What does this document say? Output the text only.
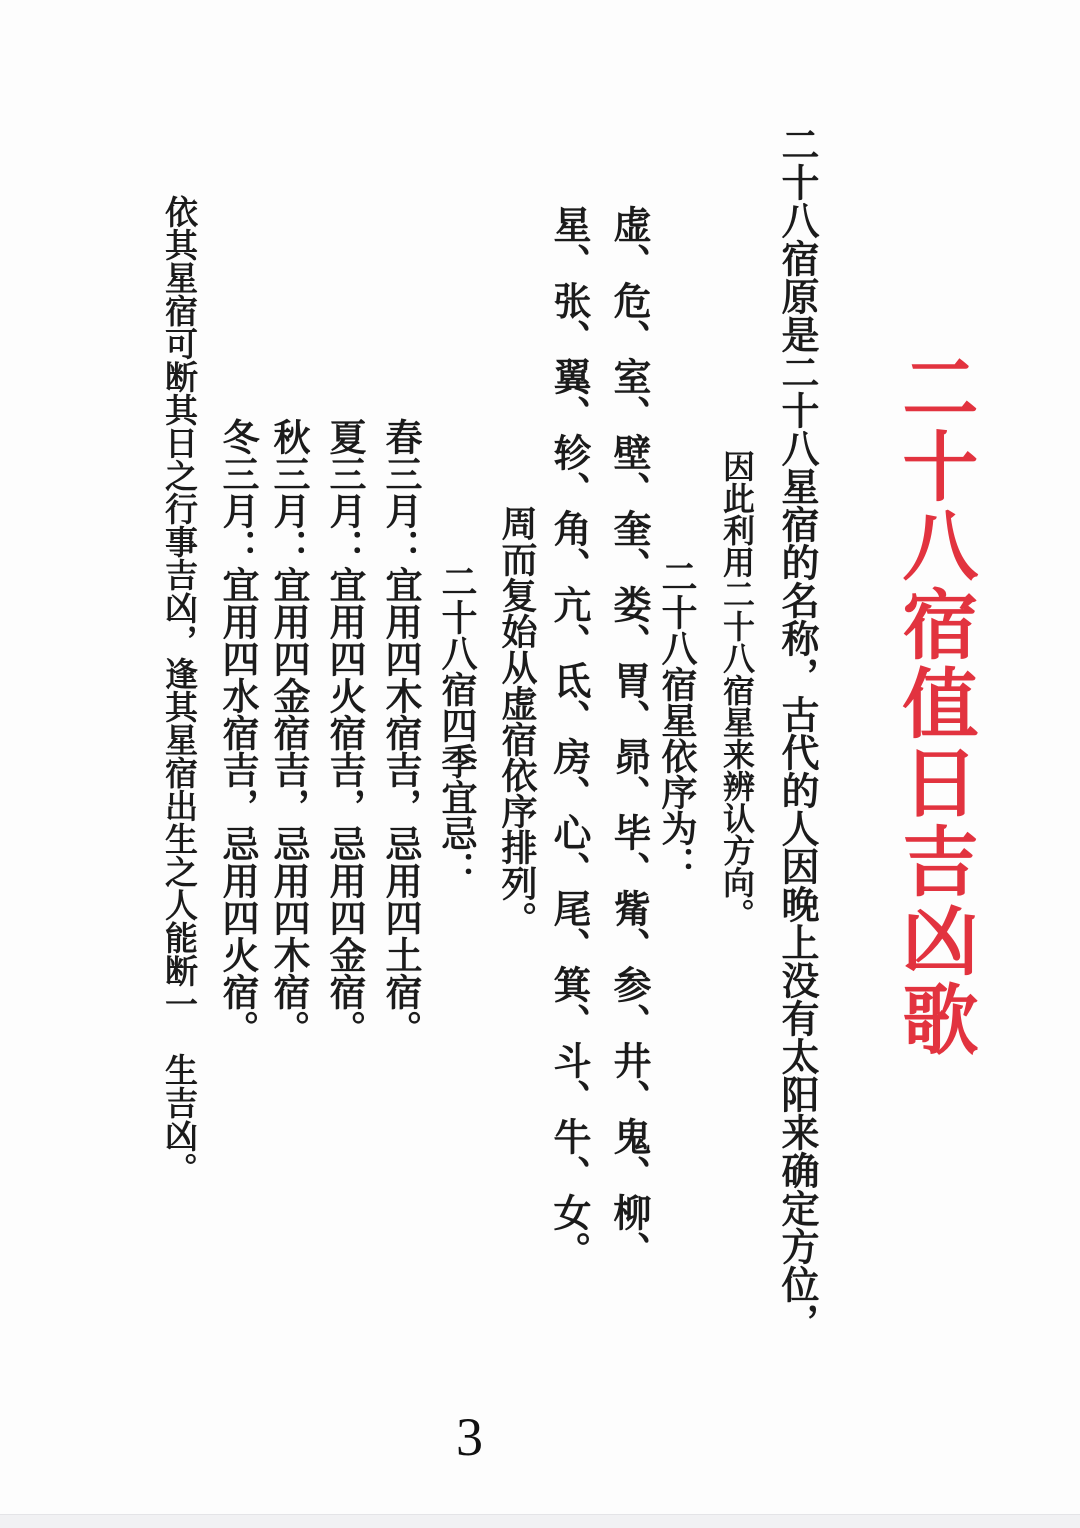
二十八宿值日吉凶歌
二十八宿原是二十八星宿的名称，古代的人因晚上没有太阳来确定方位，
因此利用二十八宿星来辨认方向。
二十八宿星依序为：
虚、危、室、壁、奎、娄、胃、昴、毕、觜、参、井、鬼、柳、
星、张、翼、轸、角、亢、氐、房、心、尾、箕、斗、牛、女。
周而复始从虚宿依序排列。
二十八宿四季宜忌：
春三月：宜用四木宿吉，忌用四土宿。
夏三月：宜用四火宿吉，忌用四金宿。
秋三月：宜用四金宿吉，忌用四木宿。
冬三月：宜用四水宿吉，忌用四火宿。
依其星宿可断其日之行事吉凶，逢其星宿出生之人能断一　生吉凶。
3
